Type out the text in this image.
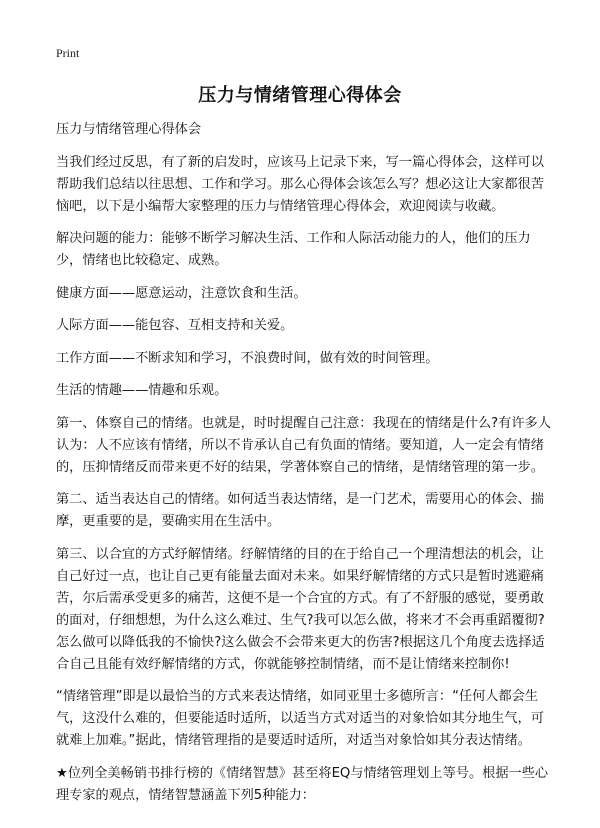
Print
压力与情绪管理心得体会

压力与情绪管理心得体会

当我们经过反思，有了新的启发时，应该马上记录下来，写一篇心得体会，这样可以帮助我们总结以往思想、工作和学习。那么心得体会该怎么写？想必这让大家都很苦恼吧，以下是小编帮大家整理的压力与情绪管理心得体会，欢迎阅读与收藏。

解决问题的能力：能够不断学习解决生活、工作和人际活动能力的人，他们的压力少，情绪也比较稳定、成熟。

健康方面——愿意运动，注意饮食和生活。

人际方面——能包容、互相支持和关爱。

工作方面——不断求知和学习，不浪费时间，做有效的时间管理。

生活的情趣——情趣和乐观。

第一、体察自己的情绪。也就是，时时提醒自己注意：我现在的情绪是什么?有许多人认为：人不应该有情绪，所以不肯承认自己有负面的情绪。要知道，人一定会有情绪的，压抑情绪反而带来更不好的结果，学著体察自己的情绪，是情绪管理的第一步。

第二、适当表达自己的情绪。如何适当表达情绪，是一门艺术，需要用心的体会、揣摩，更重要的是，要确实用在生活中。

第三、以合宜的方式纾解情绪。纾解情绪的目的在于给自己一个理清想法的机会，让自己好过一点，也让自己更有能量去面对未来。如果纾解情绪的方式只是暂时逃避痛苦，尔后需承受更多的痛苦，这便不是一个合宜的方式。有了不舒服的感觉，要勇敢的面对，仔细想想，为什么这么难过、生气?我可以怎么做，将来才不会再重蹈覆彻?怎么做可以降低我的不愉快?这么做会不会带来更大的伤害?根据这几个角度去选择适合自己且能有效纾解情绪的方式，你就能够控制情绪，而不是让情绪来控制你!

“情绪管理”即是以最恰当的方式来表达情绪，如同亚里士多德所言：“任何人都会生气，这没什么难的，但要能适时适所，以适当方式对适当的对象恰如其分地生气，可就难上加难。”据此，情绪管理指的是要适时适所，对适当对象恰如其分表达情绪。

★位列全美畅销书排行榜的《情绪智慧》甚至将EQ与情绪管理划上等号。根据一些心理专家的观点，情绪智慧涵盖下列5种能力：
